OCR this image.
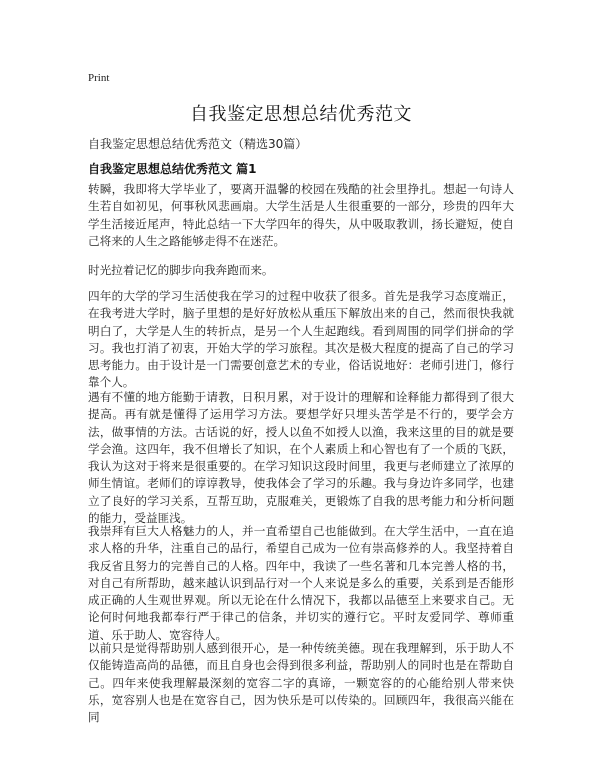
Print
自我鉴定思想总结优秀范文
自我鉴定思想总结优秀范文（精选30篇）
自我鉴定思想总结优秀范文 篇1

转瞬，我即将大学毕业了，要离开温馨的校园在残酷的社会里挣扎。想起一句诗人生若自如初见，何事秋风悲画扇。大学生活是人生很重要的一部分，珍贵的四年大学生活接近尾声，特此总结一下大学四年的得失，从中吸取教训，扬长避短，使自己将来的人生之路能够走得不在迷茫。

时光拉着记忆的脚步向我奔跑而来。

四年的大学的学习生活使我在学习的过程中收获了很多。首先是我学习态度端正，在我考进大学时，脑子里想的是好好放松从重压下解放出来的自己，然而很快我就明白了，大学是人生的转折点，是另一个人生起跑线。看到周围的同学们拼命的学习。我也打消了初衷，开始大学的学习旅程。其次是极大程度的提高了自己的学习思考能力。由于设计是一门需要创意艺术的专业，俗话说地好：老师引进门，修行靠个人。

遇有不懂的地方能勤于请教，日积月累，对于设计的理解和诠释能力都得到了很大提高。再有就是懂得了运用学习方法。要想学好只埋头苦学是不行的，要学会方法，做事情的方法。古话说的好，授人以鱼不如授人以渔，我来这里的目的就是要学会渔。这四年，我不但增长了知识，在个人素质上和心智也有了一个质的飞跃，我认为这对于将来是很重要的。在学习知识这段时间里，我更与老师建立了浓厚的师生情谊。老师们的谆谆教导，使我体会了学习的乐趣。我与身边许多同学，也建立了良好的学习关系，互帮互助，克服难关，更锻炼了自我的思考能力和分析问题的能力，受益匪浅。

我崇拜有巨大人格魅力的人，并一直希望自己也能做到。在大学生活中，一直在追求人格的升华，注重自己的品行，希望自己成为一位有崇高修养的人。我坚持着自我反省且努力的完善自己的人格。四年中，我读了一些名著和几本完善人格的书，对自己有所帮助，越来越认识到品行对一个人来说是多么的重要，关系到是否能形成正确的人生观世界观。所以无论在什么情况下，我都以品德至上来要求自己。无论何时何地我都奉行严于律己的信条，并切实的遵行它。平时友爱同学、尊师重道、乐于助人、宽容待人。

以前只是觉得帮助别人感到很开心，是一种传统美德。现在我理解到，乐于助人不仅能铸造高尚的品德，而且自身也会得到很多利益，帮助别人的同时也是在帮助自己。四年来使我理解最深刻的宽容二字的真谛，一颗宽容的的心能给别人带来快乐，宽容别人也是在宽容自己，因为快乐是可以传染的。回顾四年，我很高兴能在同
